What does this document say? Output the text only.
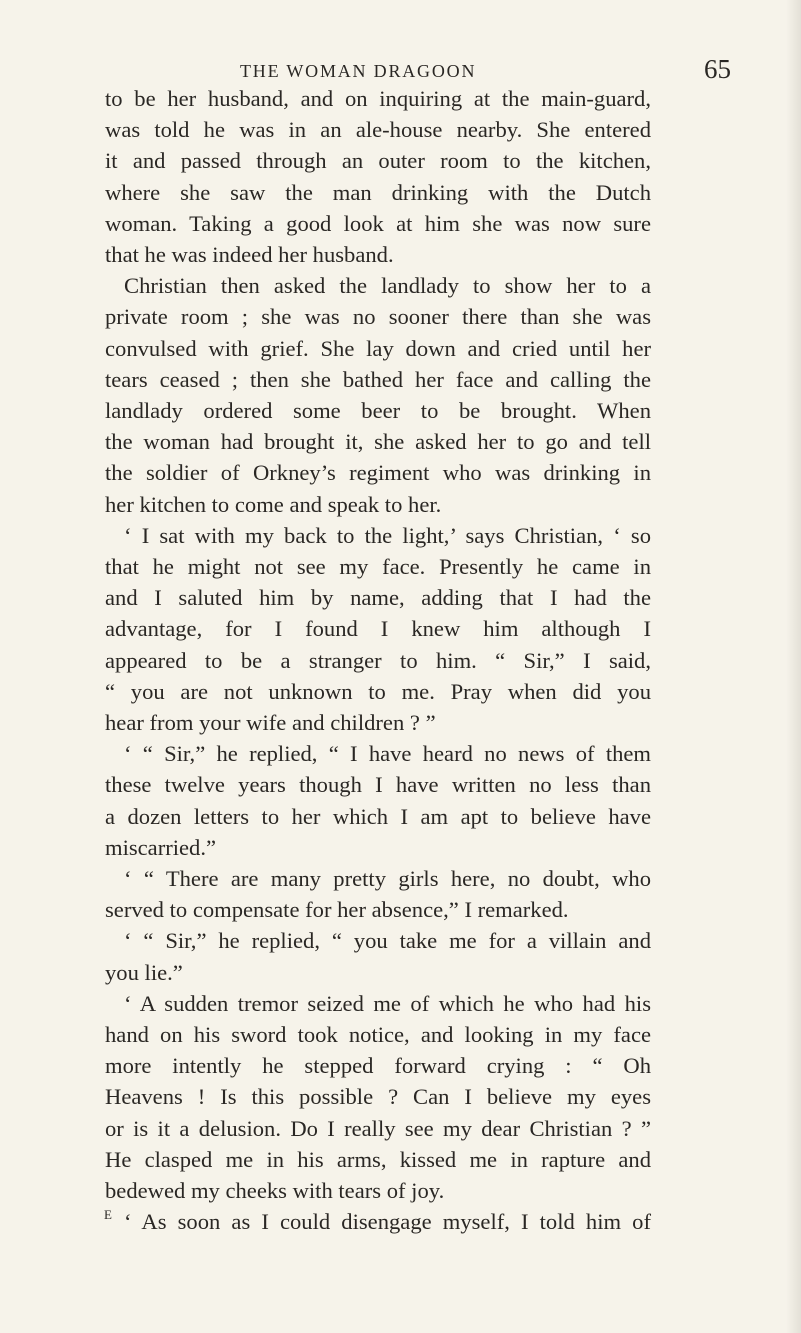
THE WOMAN DRAGOON	65

to be her husband, and on inquiring at the main-guard,
was told he was in an ale-house nearby. She entered
it and passed through an outer room to the kitchen,
where she saw the man drinking with the Dutch
woman. Taking a good look at him she was now sure
that he was indeed her husband.
Christian then asked the landlady to show her to a
private room ; she was no sooner there than she was
convulsed with grief. She lay down and cried until her
tears ceased ; then she bathed her face and calling the
landlady ordered some beer to be brought. When
the woman had brought it, she asked her to go and tell
the soldier of Orkney’s regiment who was drinking in
her kitchen to come and speak to her.
‘ I sat with my back to the light,’ says Christian, ‘ so
that he might not see my face. Presently he came in
and I saluted him by name, adding that I had the
advantage, for I found I knew him although I
appeared to be a stranger to him. “ Sir,” I said,
“ you are not unknown to me. Pray when did you
hear from your wife and children ? ”
‘ “ Sir,” he replied, “ I have heard no news of them
these twelve years though I have written no less than
a dozen letters to her which I am apt to believe have
miscarried.”
‘ “ There are many pretty girls here, no doubt, who
served to compensate for her absence,” I remarked.
‘ “ Sir,” he replied, “ you take me for a villain and
you lie.”
‘ A sudden tremor seized me of which he who had his
hand on his sword took notice, and looking in my face
more intently he stepped forward crying : “ Oh
Heavens ! Is this possible ? Can I believe my eyes
or is it a delusion. Do I really see my dear Christian ? ”
He clasped me in his arms, kissed me in rapture and
bedewed my cheeks with tears of joy.
‘ As soon as I could disengage myself, I told him of

E
